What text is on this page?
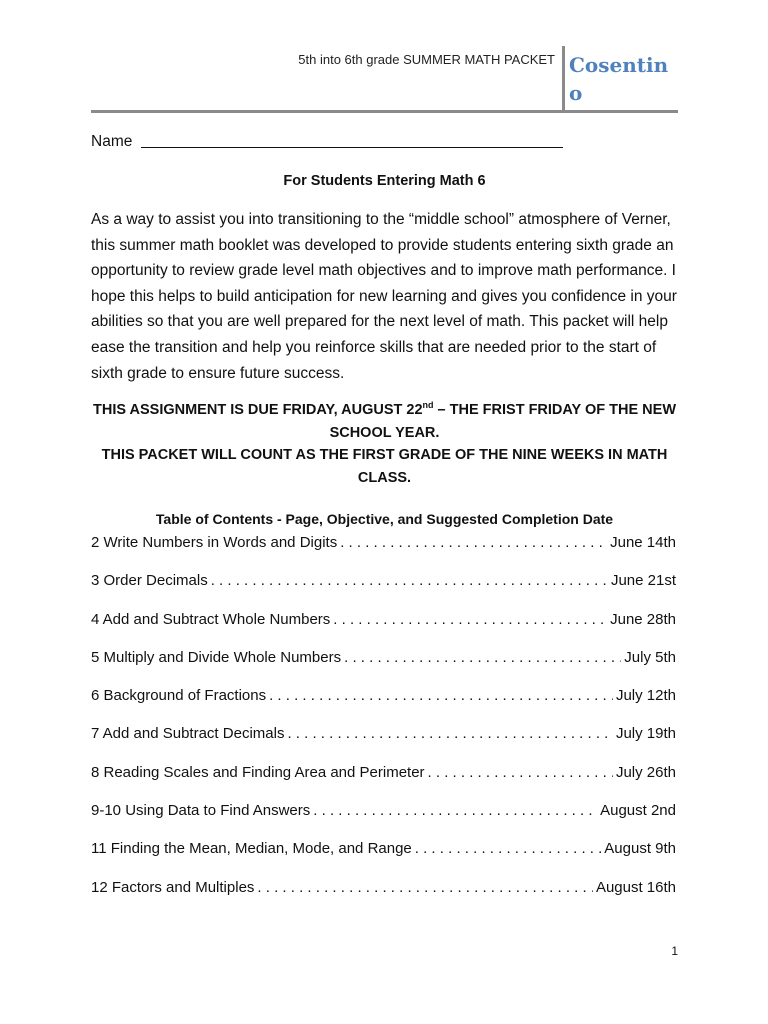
5th into 6th grade SUMMER MATH PACKET Cosentino
Name
For Students Entering Math 6
As a way to assist you into transitioning to the “middle school” atmosphere of Verner, this summer math booklet was developed to provide students entering sixth grade an opportunity to review grade level math objectives and to improve math performance. I hope this helps to build anticipation for new learning and gives you confidence in your abilities so that you are well prepared for the next level of math. This packet will help ease the transition and help you reinforce skills that are needed prior to the start of sixth grade to ensure future success.
THIS ASSIGNMENT IS DUE FRIDAY, AUGUST 22nd – THE FRIST FRIDAY OF THE NEW SCHOOL YEAR.
THIS PACKET WILL COUNT AS THE FIRST GRADE OF THE NINE WEEKS IN MATH CLASS.
Table of Contents - Page, Objective, and Suggested Completion Date
2 Write Numbers in Words and Digits . . .	June 14th
3 Order Decimals . . .	June 21st
4 Add and Subtract Whole Numbers . . .	June 28th
5 Multiply and Divide Whole Numbers . . .	July 5th
6 Background of Fractions . . .	July 12th
7 Add and Subtract Decimals . . .	July 19th
8 Reading Scales and Finding Area and Perimeter . . .	July 26th
9-10 Using Data to Find Answers . . .	August 2nd
11 Finding the Mean, Median, Mode, and Range . . .	August 9th
12 Factors and Multiples . . .	August 16th
1
